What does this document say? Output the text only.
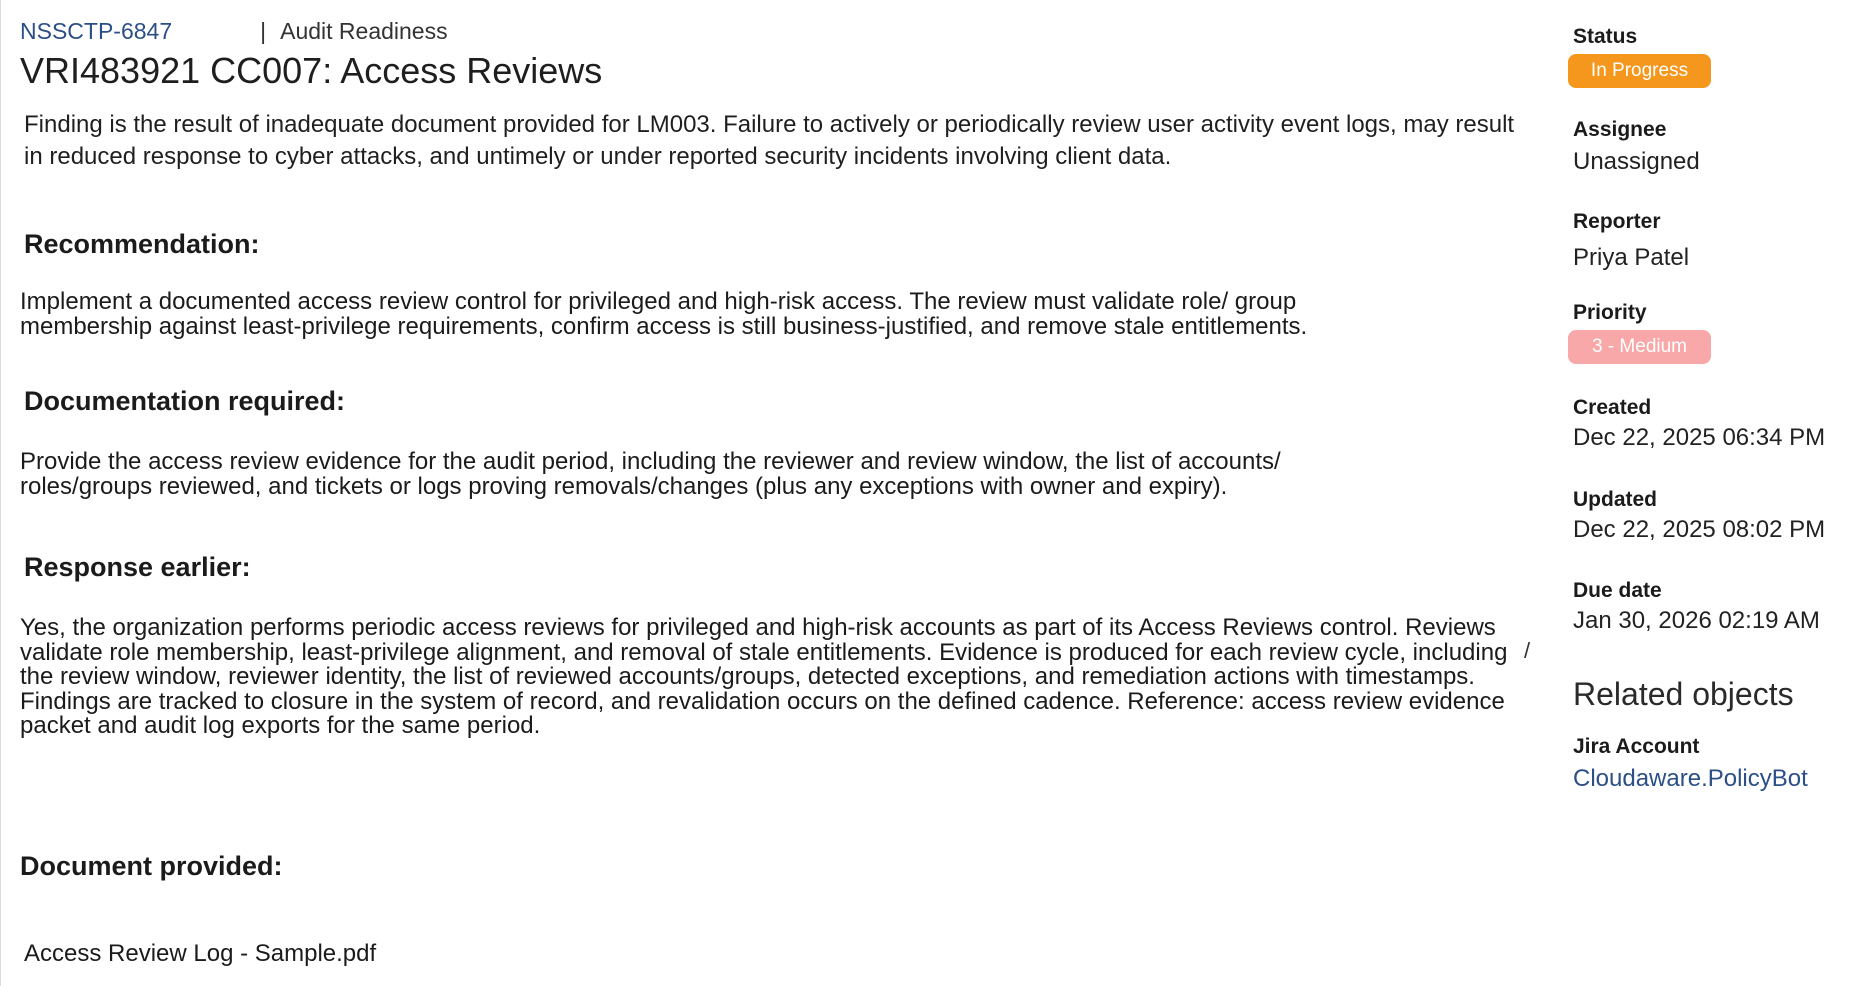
NSSCTP-6847	| Audit Readiness
VRI483921 CC007: Access Reviews

Finding is the result of inadequate document provided for LM003. Failure to actively or periodically review user activity event logs, may result in reduced response to cyber attacks, and untimely or under reported security incidents involving client data.

Recommendation:

Implement a documented access review control for privileged and high-risk access. The review must validate role/ group membership against least-privilege requirements, confirm access is still business-justified, and remove stale entitlements.

Documentation required:

Provide the access review evidence for the audit period, including the reviewer and review window, the list of accounts/ roles/groups reviewed, and tickets or logs proving removals/changes (plus any exceptions with owner and expiry).

Response earlier:

Yes, the organization performs periodic access reviews for privileged and high-risk accounts as part of its Access Reviews control. Reviews validate role membership, least-privilege alignment, and removal of stale entitlements. Evidence is produced for each review cycle, including the review window, reviewer identity, the list of reviewed accounts/groups, detected exceptions, and remediation actions with timestamps. Findings are tracked to closure in the system of record, and revalidation occurs on the defined cadence. Reference: access review evidence packet and audit log exports for the same period.

/
Document provided:
Access Review Log - Sample.pdf
Status
In Progress
Assignee
Unassigned
Reporter
Priya Patel
Priority
3 - Medium
Created
Dec 22, 2025 06:34 PM
Updated
Dec 22, 2025 08:02 PM
Due date
Jan 30, 2026 02:19 AM
Related objects
Jira Account
Cloudaware.PolicyBot
